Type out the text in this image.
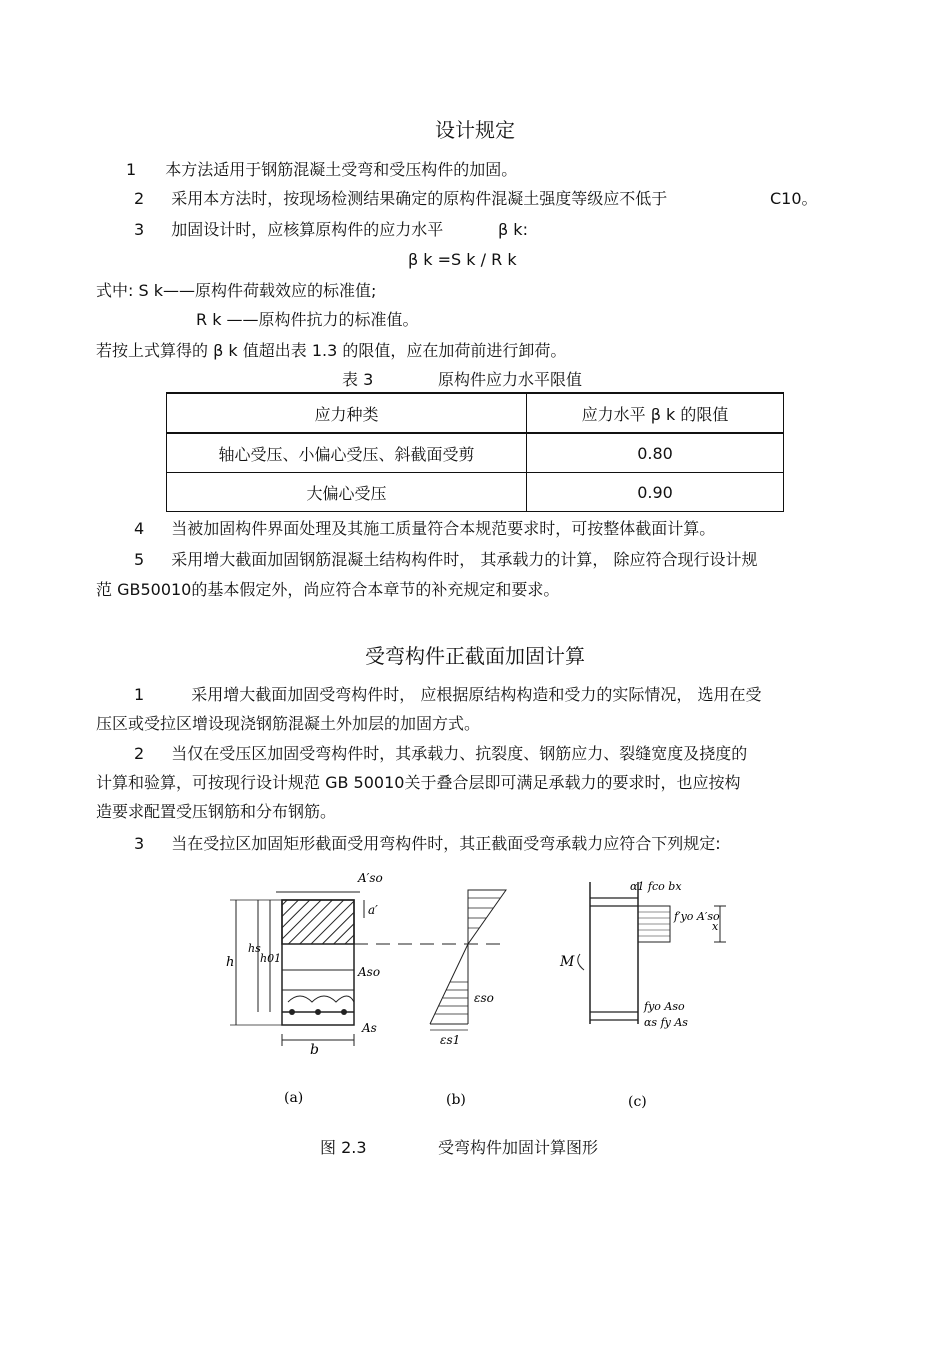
设计规定
1 本方法适用于钢筋混凝土受弯和受压构件的加固。
2 采用本方法时，按现场检测结果确定的原构件混凝土强度等级应不低于	C10。
3 加固设计时，应核算原构件的应力水平	β k:
β k =S k / R k
式中: S k——原构件荷载效应的标准值;
R k ——原构件抗力的标准值。
若按上式算得的 β k 值超出表 1.3 的限值，应在加荷前进行卸荷。
表 3	原构件应力水平限值
应力种类	应力水平 β k 的限值
轴心受压、小偏心受压、斜截面受剪	0.80
大偏心受压	0.90
4 当被加固构件界面处理及其施工质量符合本规范要求时，可按整体截面计算。
5 采用增大截面加固钢筋混凝土结构构件时， 其承载力的计算， 除应符合现行设计规
范 GB50010的基本假定外，尚应符合本章节的补充规定和要求。
受弯构件正截面加固计算
1	采用增大截面加固受弯构件时， 应根据原结构构造和受力的实际情况， 选用在受
压区或受拉区增设现浇钢筋混凝土外加层的加固方式。
2 当仅在受压区加固受弯构件时，其承载力、抗裂度、钢筋应力、裂缝宽度及挠度的
计算和验算，可按现行设计规范 GB 50010关于叠合层即可满足承载力的要求时，也应按构
造要求配置受压钢筋和分布钢筋。
3 当在受拉区加固矩形截面受用弯构件时，其正截面受弯承载力应符合下列规定:
h
hs
h01
A′so
a′
Aso
As
b
(a)
εso
εs1
(b)
α1 fco bx
f′yo A′so
x
M
fyo Aso
αs fy As
(c)
图 2.3	受弯构件加固计算图形
